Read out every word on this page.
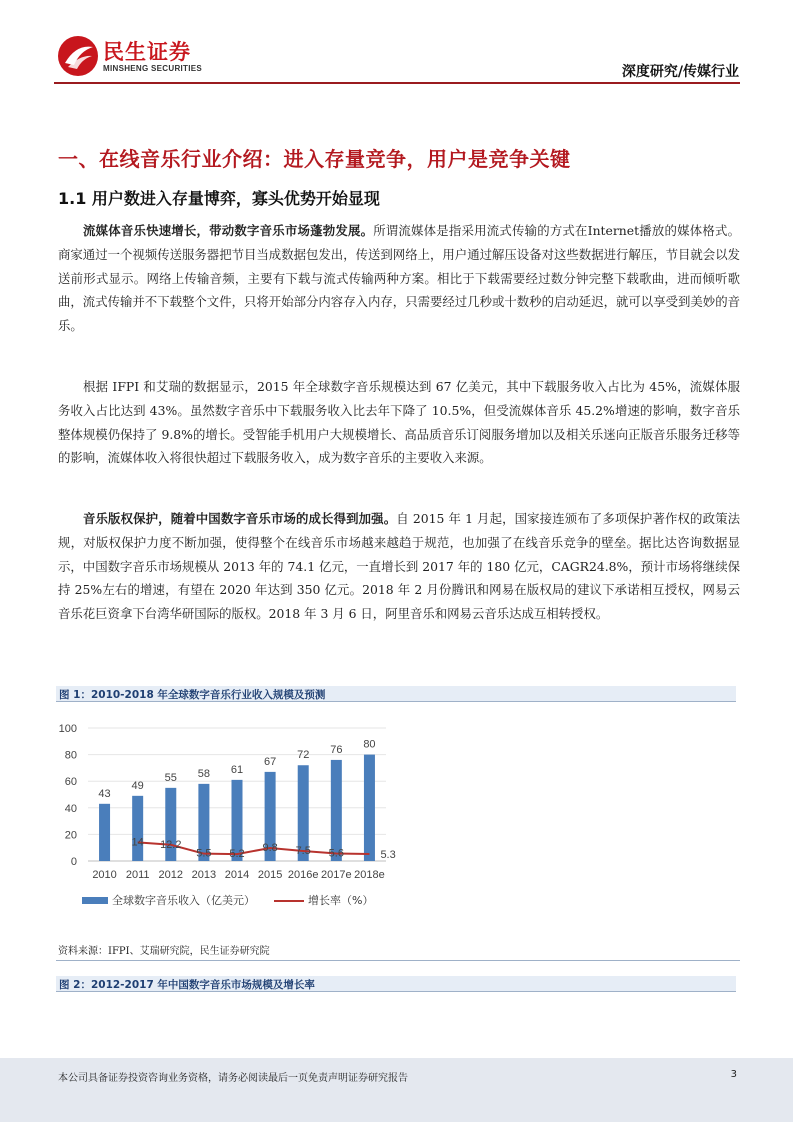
民生证券
MINSHENG SECURITIES	深度研究/传媒行业
一、在线音乐行业介绍：进入存量竞争，用户是竞争关键
1.1 用户数进入存量博弈，寡头优势开始显现
流媒体音乐快速增长，带动数字音乐市场蓬勃发展。所谓流媒体是指采用流式传输的方式在Internet播放的媒体格式。商家通过一个视频传送服务器把节目当成数据包发出，传送到网络上，用户通过解压设备对这些数据进行解压，节目就会以发送前形式显示。网络上传输音频，主要有下载与流式传输两种方案。相比于下载需要经过数分钟完整下载歌曲，进而倾听歌曲，流式传输并不下载整个文件，只将开始部分内容存入内存，只需要经过几秒或十数秒的启动延迟，就可以享受到美妙的音乐。
根据 IFPI 和艾瑞的数据显示，2015 年全球数字音乐规模达到 67 亿美元，其中下载服务收入占比为 45%，流媒体服务收入占比达到 43%。虽然数字音乐中下载服务收入比去年下降了 10.5%，但受流媒体音乐 45.2%增速的影响，数字音乐整体规模仍保持了 9.8%的增长。受智能手机用户大规模增长、高品质音乐订阅服务增加以及相关乐迷向正版音乐服务迁移等的影响，流媒体收入将很快超过下载服务收入，成为数字音乐的主要收入来源。
音乐版权保护，随着中国数字音乐市场的成长得到加强。自 2015 年 1 月起，国家接连颁布了多项保护著作权的政策法规，对版权保护力度不断加强，使得整个在线音乐市场越来越趋于规范，也加强了在线音乐竞争的壁垒。据比达咨询数据显示，中国数字音乐市场规模从 2013 年的 74.1 亿元，一直增长到 2017 年的 180 亿元，CAGR24.8%，预计市场将继续保持 25%左右的增速，有望在 2020 年达到 350 亿元。2018 年 2 月份腾讯和网易在版权局的建议下承诺相互授权，网易云音乐花巨资拿下台湾华研国际的版权。2018 年 3 月 6 日，阿里音乐和网易云音乐达成互相转授权。
图 1：2010-2018 年全球数字音乐行业收入规模及预测
0
20
40
60
80
100
43
49
55 58 61
67
72 76 80
2010 2011 2012 2013 2014 2015 2016e 2017e 2018e
14 12.2
5.5 5.2
9.8 7.5 5.6	5.3
全球数字音乐收入（亿美元）	增长率（%）
资料来源：IFPI、艾瑞研究院，民生证券研究院
图 2：2012-2017 年中国数字音乐市场规模及增长率
本公司具备证券投资咨询业务资格，请务必阅读最后一页免责声明证券研究报告	3
